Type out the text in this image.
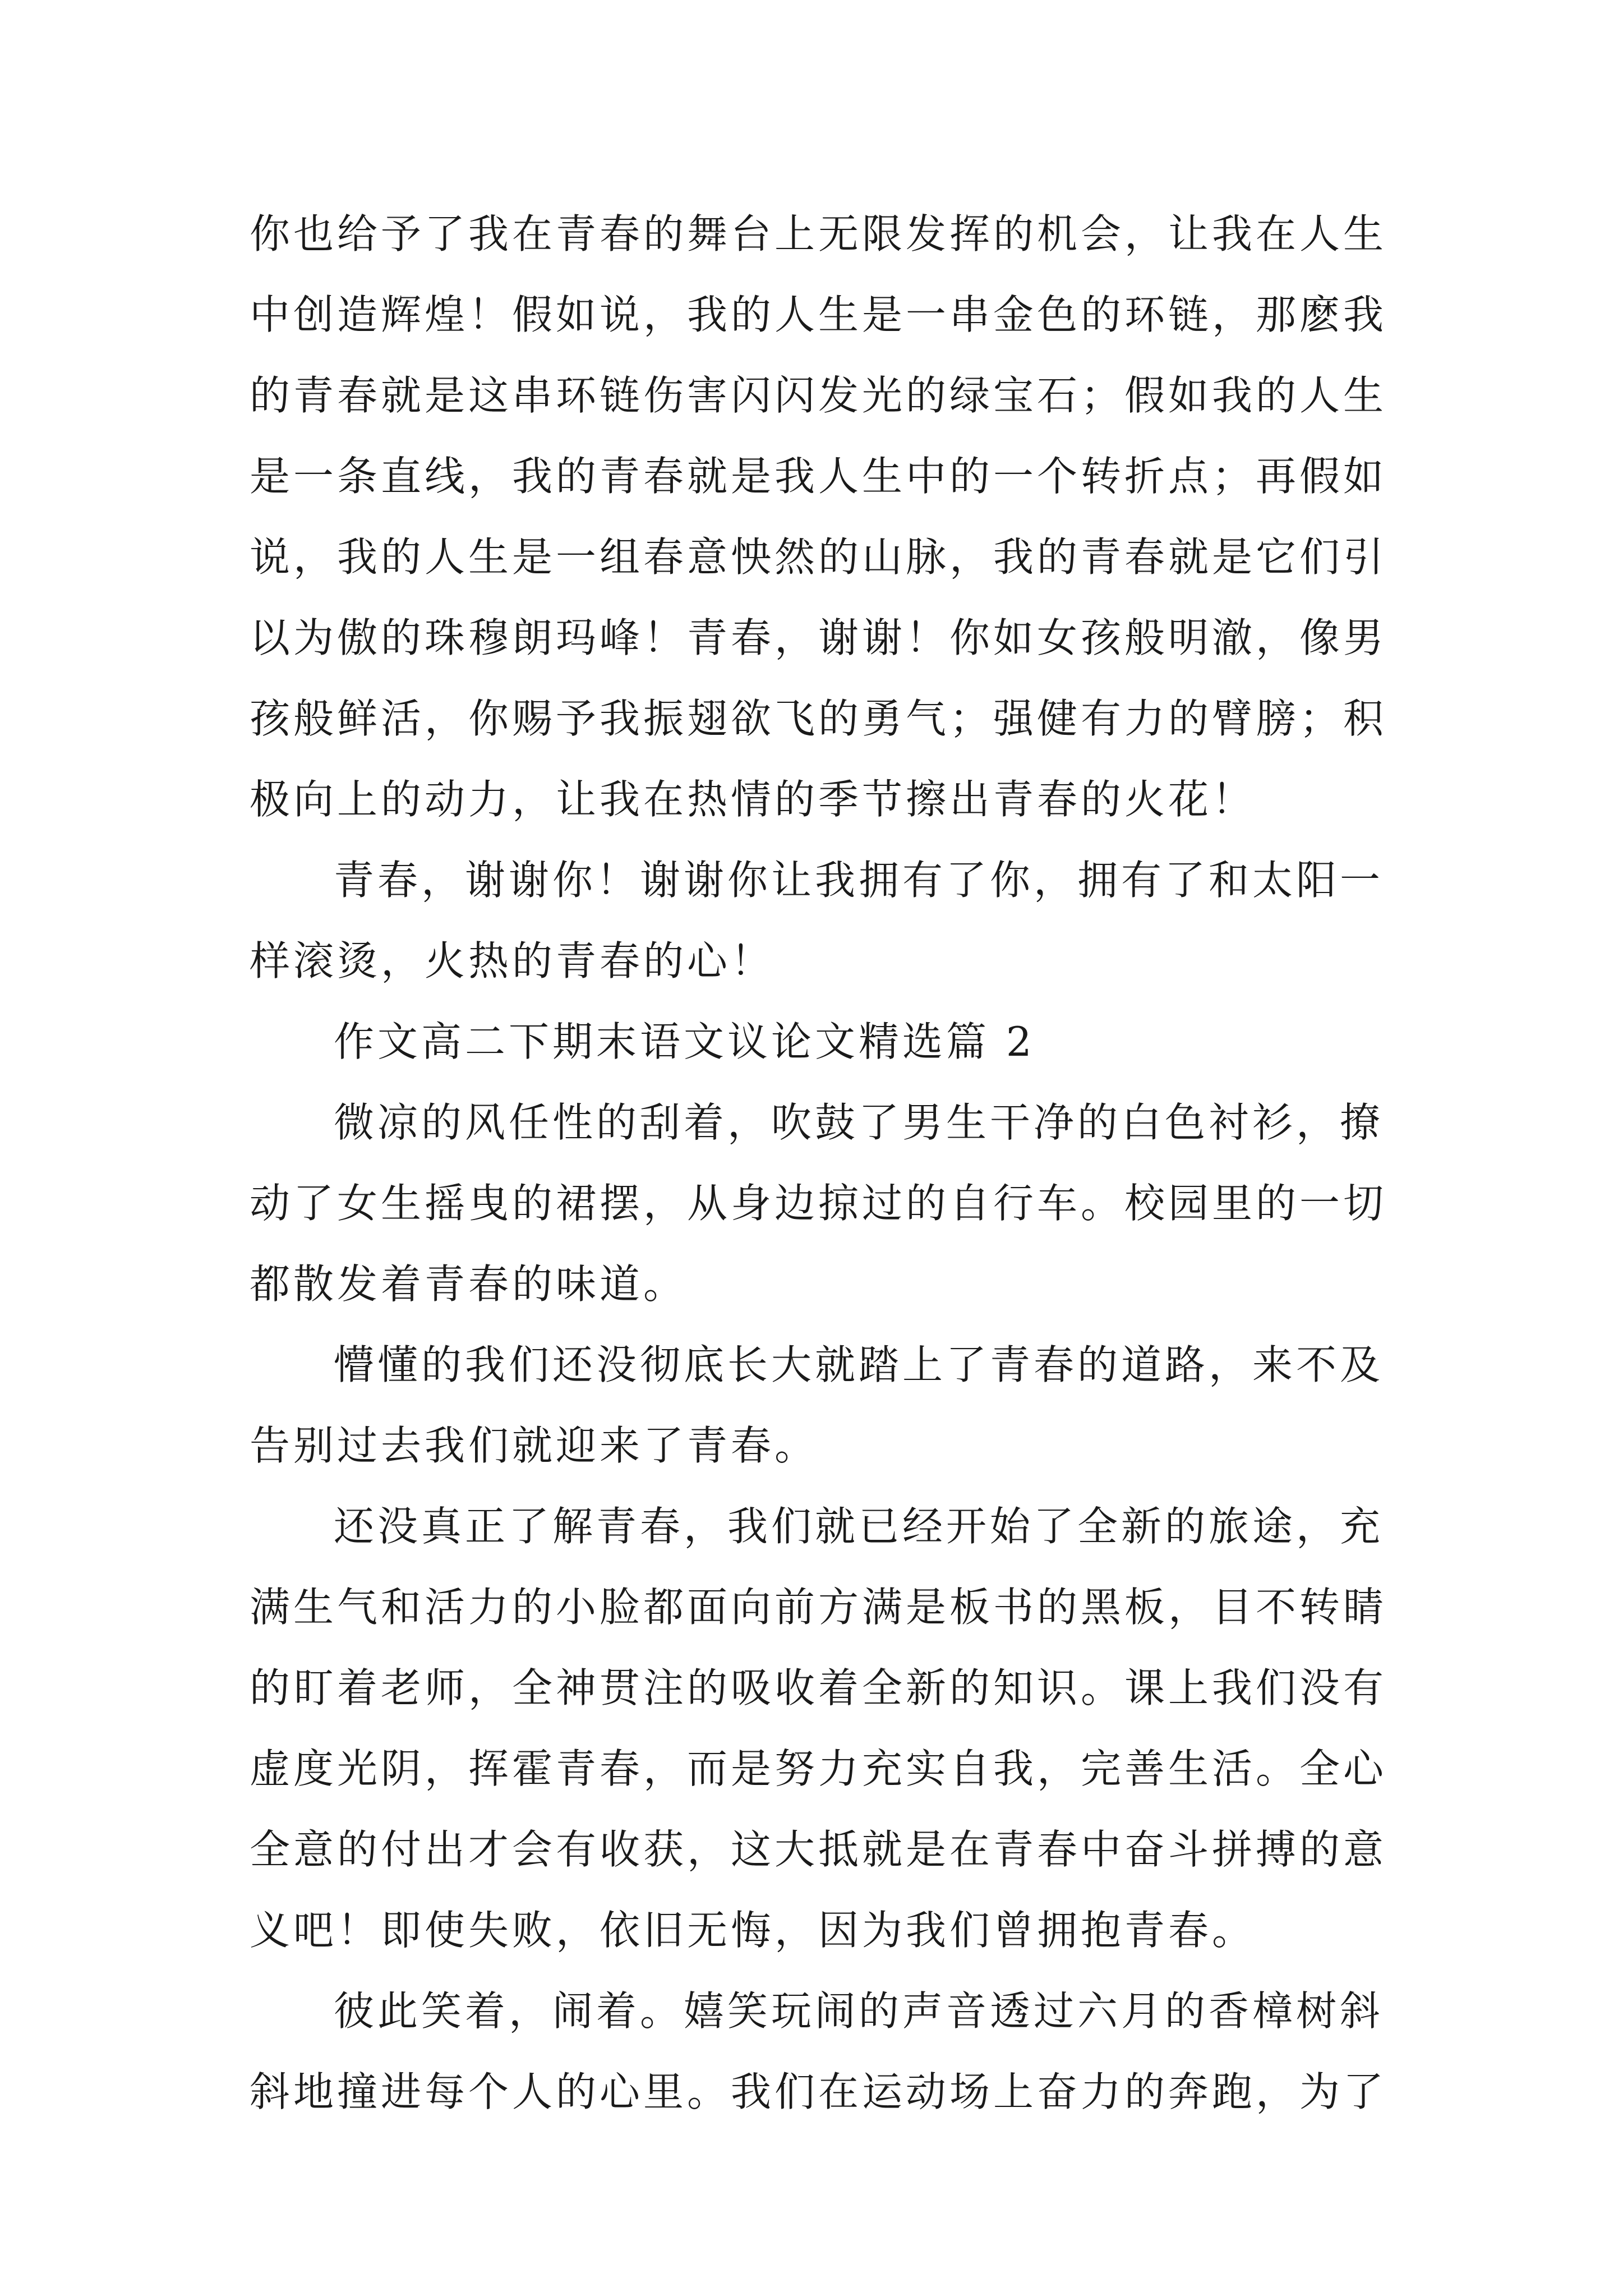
你也给予了我在青春的舞台上无限发挥的机会，让我在人生
中创造辉煌！假如说，我的人生是一串金色的环链，那麽我
的青春就是这串环链伤害闪闪发光的绿宝石；假如我的人生
是一条直线，我的青春就是我人生中的一个转折点；再假如
说，我的人生是一组春意怏然的山脉，我的青春就是它们引
以为傲的珠穆朗玛峰！青春，谢谢！你如女孩般明澈，像男
孩般鲜活，你赐予我振翅欲飞的勇气；强健有力的臂膀；积
极向上的动力，让我在热情的季节擦出青春的火花！
青春，谢谢你！谢谢你让我拥有了你，拥有了和太阳一
样滚烫，火热的青春的心！
作文高二下期末语文议论文精选篇 2
微凉的风任性的刮着，吹鼓了男生干净的白色衬衫，撩
动了女生摇曳的裙摆，从身边掠过的自行车。校园里的一切
都散发着青春的味道。
懵懂的我们还没彻底长大就踏上了青春的道路，来不及
告别过去我们就迎来了青春。
还没真正了解青春，我们就已经开始了全新的旅途，充
满生气和活力的小脸都面向前方满是板书的黑板，目不转睛
的盯着老师，全神贯注的吸收着全新的知识。课上我们没有
虚度光阴，挥霍青春，而是努力充实自我，完善生活。全心
全意的付出才会有收获，这大抵就是在青春中奋斗拼搏的意
义吧！即使失败，依旧无悔，因为我们曾拥抱青春。
彼此笑着，闹着。嬉笑玩闹的声音透过六月的香樟树斜
斜地撞进每个人的心里。我们在运动场上奋力的奔跑，为了
